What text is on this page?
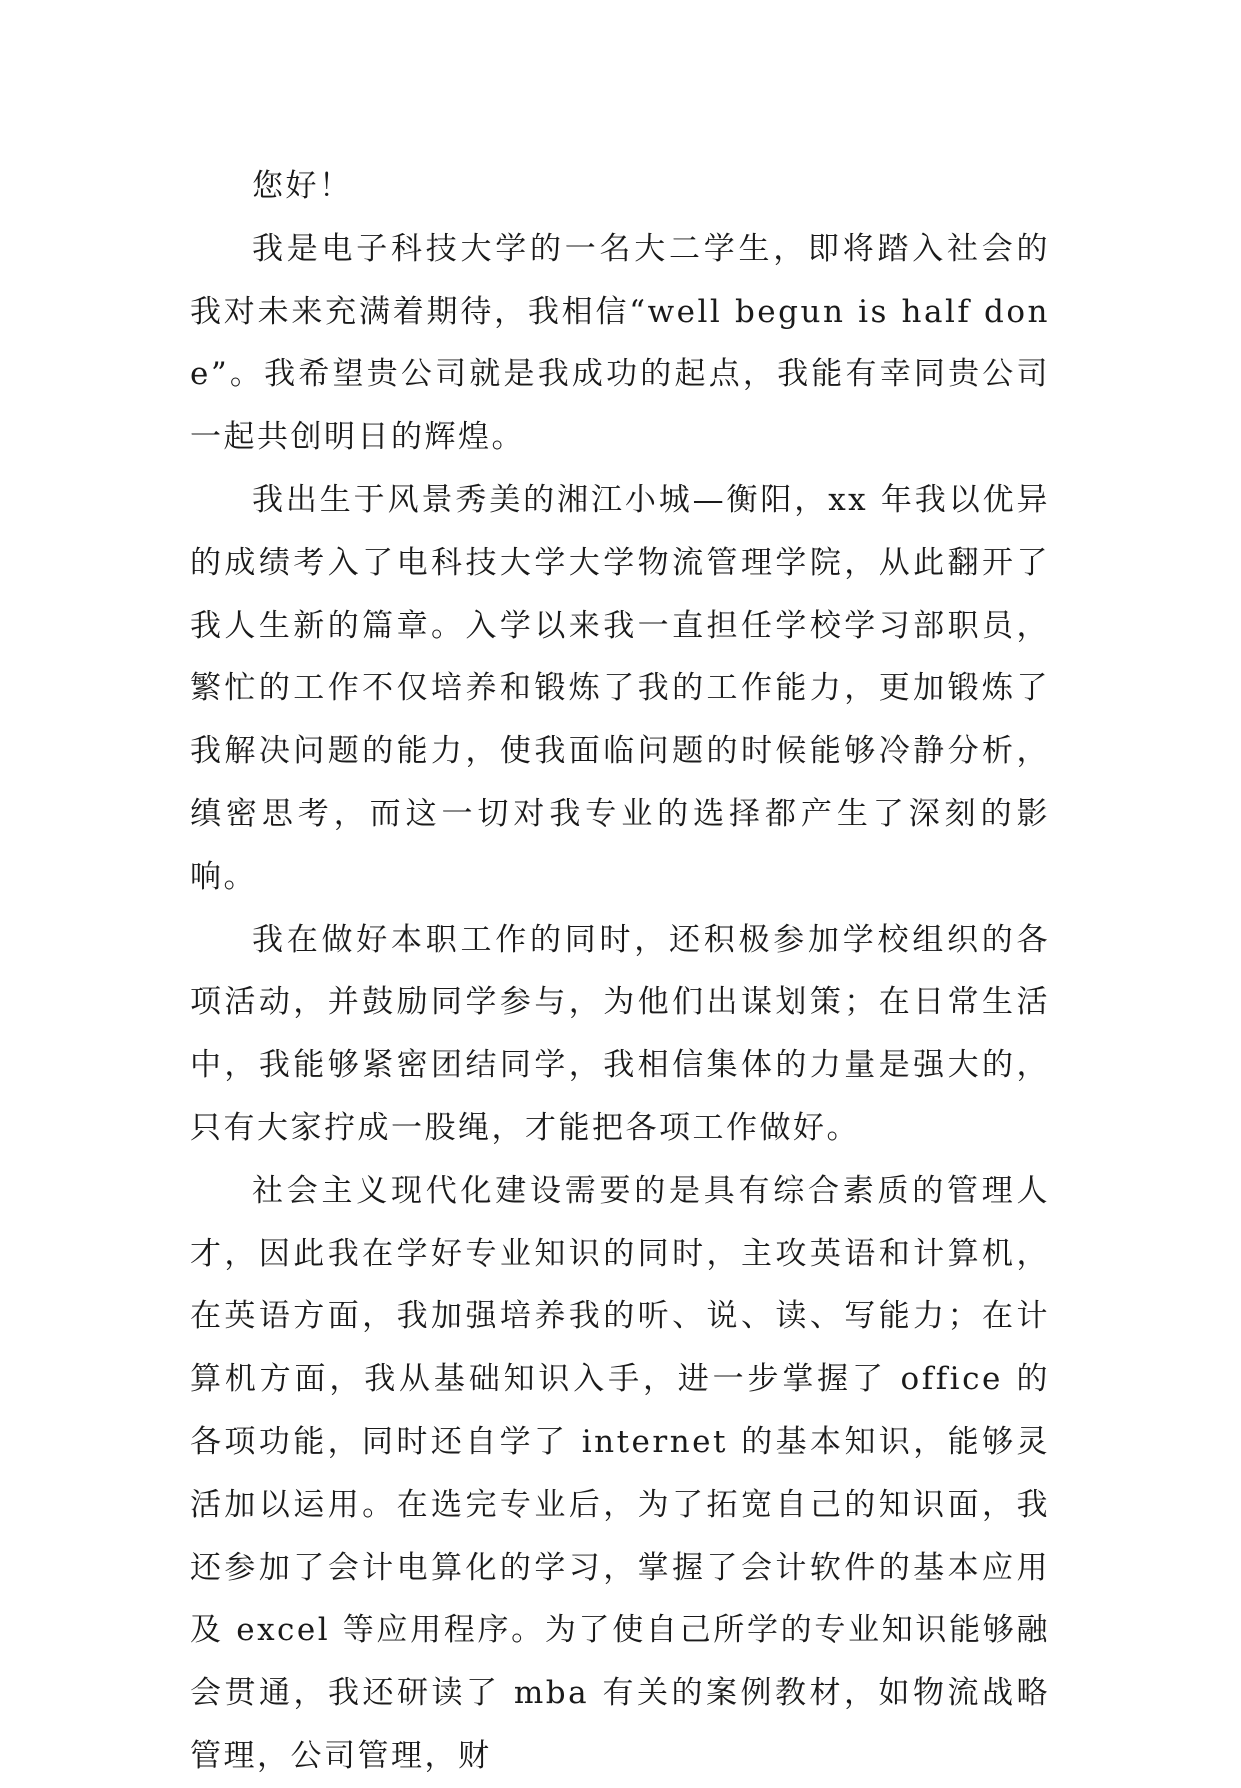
您好！

我是电子科技大学的一名大二学生，即将踏入社会的我对未来充满着期待，我相信“well begun is half done”。我希望贵公司就是我成功的起点，我能有幸同贵公司一起共创明日的辉煌。

我出生于风景秀美的湘江小城—衡阳，xx 年我以优异的成绩考入了电科技大学大学物流管理学院，从此翻开了我人生新的篇章。入学以来我一直担任学校学习部职员，繁忙的工作不仅培养和锻炼了我的工作能力，更加锻炼了我解决问题的能力，使我面临问题的时候能够冷静分析，缜密思考，而这一切对我专业的选择都产生了深刻的影响。

我在做好本职工作的同时，还积极参加学校组织的各项活动，并鼓励同学参与，为他们出谋划策；在日常生活中，我能够紧密团结同学，我相信集体的力量是强大的，只有大家拧成一股绳，才能把各项工作做好。

社会主义现代化建设需要的是具有综合素质的管理人才，因此我在学好专业知识的同时，主攻英语和计算机，在英语方面，我加强培养我的听、说、读、写能力；在计算机方面，我从基础知识入手，进一步掌握了 office 的各项功能，同时还自学了 internet 的基本知识，能够灵活加以运用。在选完专业后，为了拓宽自己的知识面，我还参加了会计电算化的学习，掌握了会计软件的基本应用及 excel 等应用程序。为了使自己所学的专业知识能够融会贯通，我还研读了 mba 有关的案例教材，如物流战略管理，公司管理，财
